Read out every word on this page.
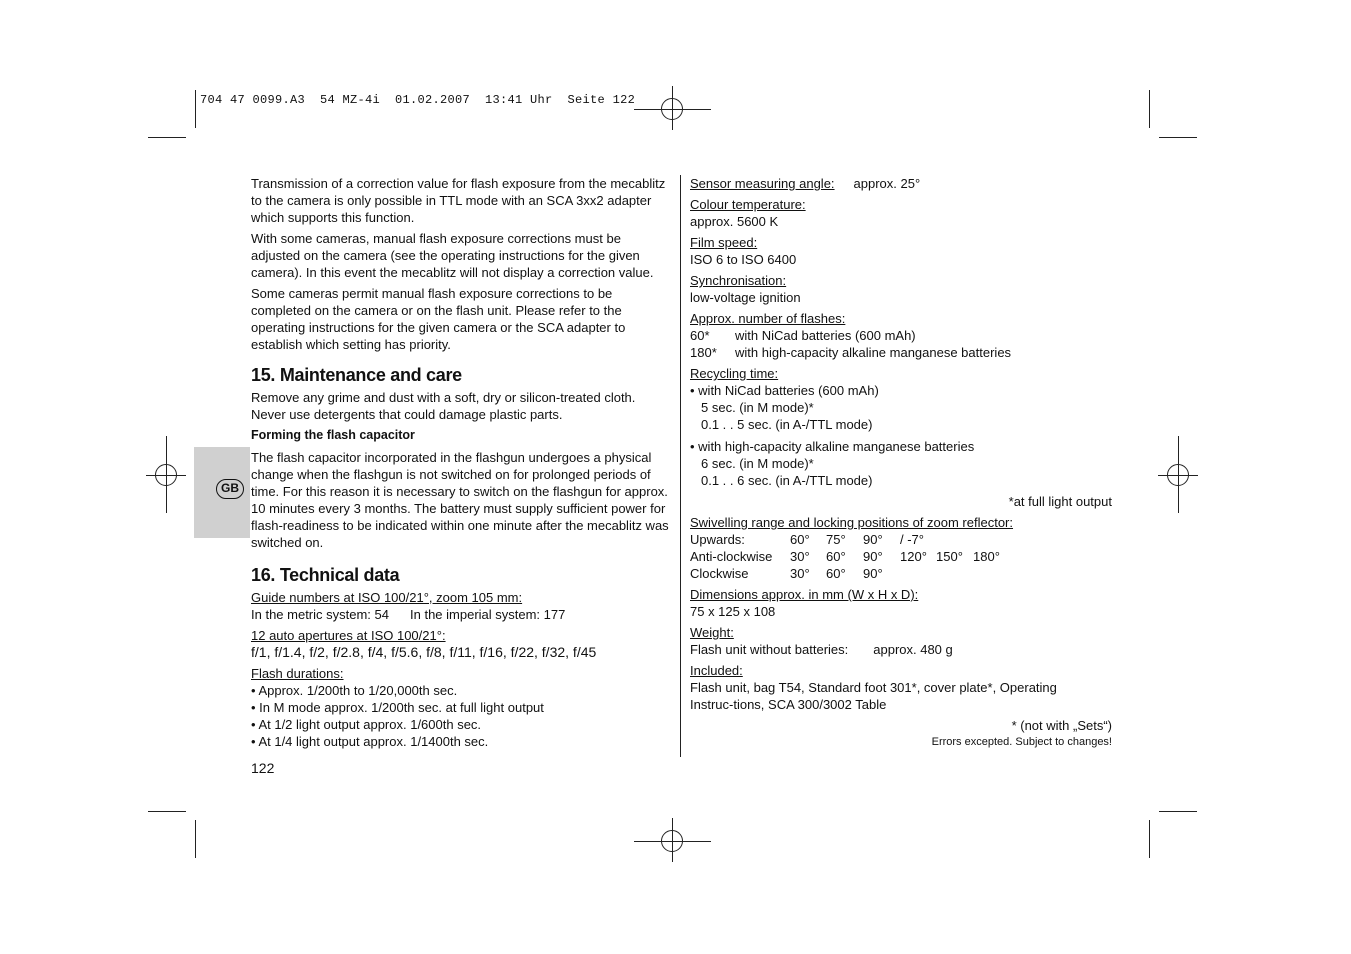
704 47 0099.A3  54 MZ-4i  01.02.2007  13:41 Uhr  Seite 122
GB

Transmission of a correction value for flash exposure from the mecablitz to the camera is only possible in TTL mode with an SCA 3xx2 adapter which supports this function.

With some cameras, manual flash exposure corrections must be adjusted on the camera (see the operating instructions for the given camera). In this event the mecablitz will not display a correction value.

Some cameras permit manual flash exposure corrections to be completed on the camera or on the flash unit. Please refer to the operating instructions for the given camera or the SCA adapter to establish which setting has priority.

15. Maintenance and care

Remove any grime and dust with a soft, dry or silicon-treated cloth. Never use detergents that could damage plastic parts.

Forming the flash capacitor

The flash capacitor incorporated in the flashgun undergoes a physical change when the flashgun is not switched on for prolonged periods of time. For this reason it is necessary to switch on the flashgun for approx. 10 minutes every 3 months. The battery must supply sufficient power for flash-readiness to be indicated within one minute after the mecablitz was switched on.

16. Technical data
Guide numbers at ISO 100/21°, zoom 105 mm:
In the metric system: 54	In the imperial system: 177
12 auto apertures at ISO 100/21°:
f/1, f/1.4, f/2, f/2.8, f/4, f/5.6, f/8, f/11, f/16, f/22, f/32, f/45
Flash durations:
• Approx. 1/200th to 1/20,000th sec.
• In M mode approx. 1/200th sec. at full light output
• At 1/2 light output approx. 1/600th sec.
• At 1/4 light output approx. 1/1400th sec.
122
Sensor measuring angle: approx. 25°
Colour temperature:
approx. 5600 K
Film speed:
ISO 6 to ISO 6400
Synchronisation:
low-voltage ignition
Approx. number of flashes:
60*	with NiCad batteries (600 mAh)
180*	with high-capacity alkaline manganese batteries
Recycling time:
• with NiCad batteries (600 mAh)
5 sec. (in M mode)*
0.1 . . 5 sec. (in A-/TTL mode)
• with high-capacity alkaline manganese batteries
6 sec. (in M mode)*
0.1 . . 6 sec. (in A-/TTL mode)
*at full light output
Swivelling range and locking positions of zoom reflector:
Upwards:	60°	75°	90°	/ -7°		
Anti-clockwise	30°	60°	90°	120°	150°	180°
Clockwise	30°	60°	90°			
Dimensions approx. in mm (W x H x D):
75 x 125 x 108
Weight:
Flash unit without batteries: approx. 480 g
Included:
Flash unit, bag T54, Standard foot 301*, cover plate*, Operating Instruc-tions, SCA 300/3002 Table
* (not with „Sets“)
Errors excepted. Subject to changes!
